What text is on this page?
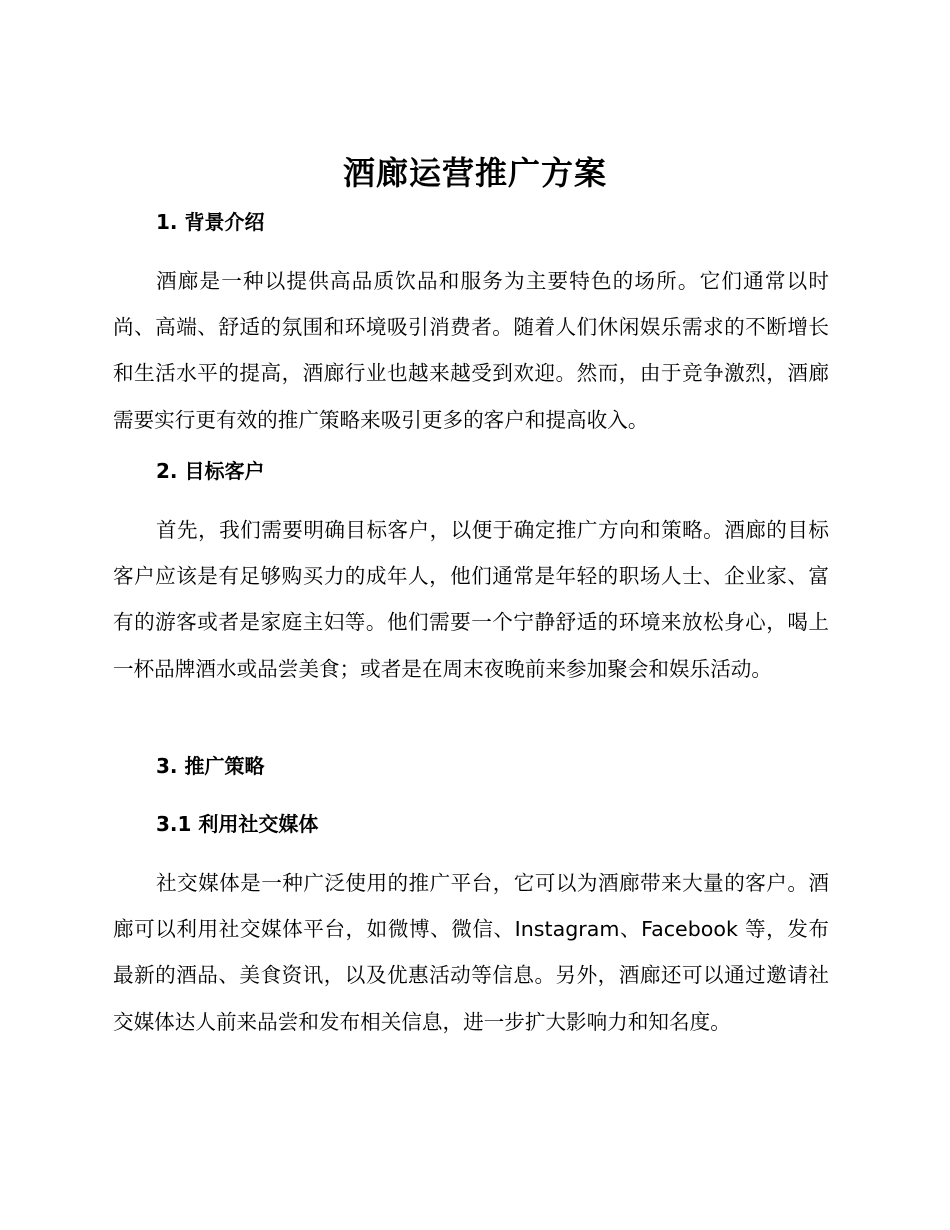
酒廊运营推广方案
1. 背景介绍

酒廊是一种以提供高品质饮品和服务为主要特色的场所。它们通常以时尚、高端、舒适的氛围和环境吸引消费者。随着人们休闲娱乐需求的不断增长和生活水平的提高，酒廊行业也越来越受到欢迎。然而，由于竞争激烈，酒廊需要实行更有效的推广策略来吸引更多的客户和提高收入。

2. 目标客户

首先，我们需要明确目标客户，以便于确定推广方向和策略。酒廊的目标客户应该是有足够购买力的成年人，他们通常是年轻的职场人士、企业家、富有的游客或者是家庭主妇等。他们需要一个宁静舒适的环境来放松身心，喝上一杯品牌酒水或品尝美食；或者是在周末夜晚前来参加聚会和娱乐活动。

3. 推广策略
3.1 利用社交媒体

社交媒体是一种广泛使用的推广平台，它可以为酒廊带来大量的客户。酒廊可以利用社交媒体平台，如微博、微信、Instagram、Facebook 等，发布最新的酒品、美食资讯，以及优惠活动等信息。另外，酒廊还可以通过邀请社交媒体达人前来品尝和发布相关信息，进一步扩大影响力和知名度。
